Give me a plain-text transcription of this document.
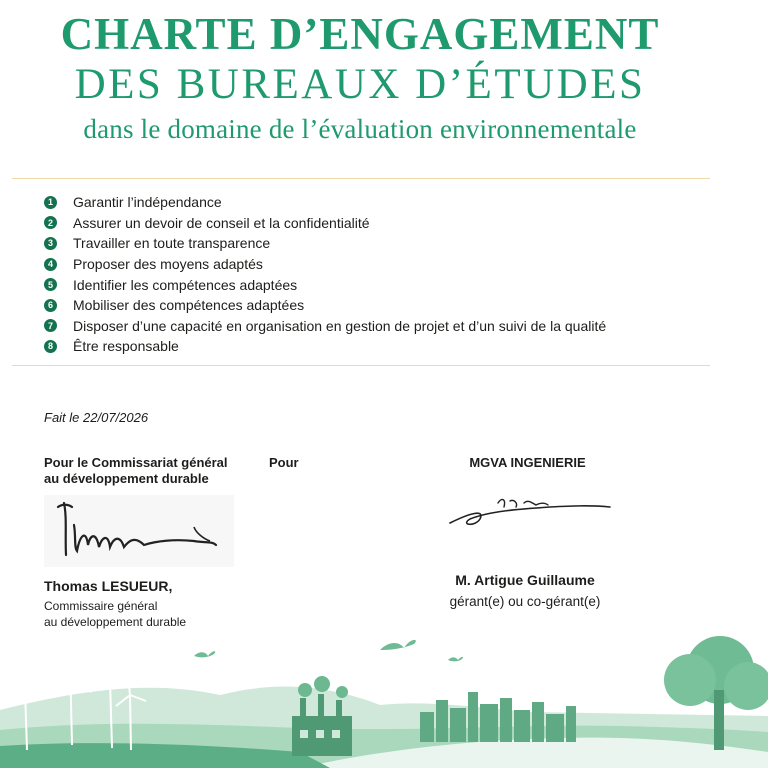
CHARTE D’ENGAGEMENT
DES BUREAUX D’ÉTUDES
dans le domaine de l’évaluation environnementale
1 Garantir l’indépendance
2 Assurer un devoir de conseil et la confidentialité
3 Travailler en toute transparence
4 Proposer des moyens adaptés
5 Identifier les compétences adaptées
6 Mobiliser des compétences adaptées
7 Disposer d’une capacité en organisation en gestion de projet et d’un suivi de la qualité
8 Être responsable
Fait le 22/07/2026
Pour le Commissariat général
au développement durable
Pour	MGVA INGENIERIE
Thomas LESUEUR,
Commissaire général
au développement durable
M. Artigue Guillaume
gérant(e) ou co-gérant(e)
